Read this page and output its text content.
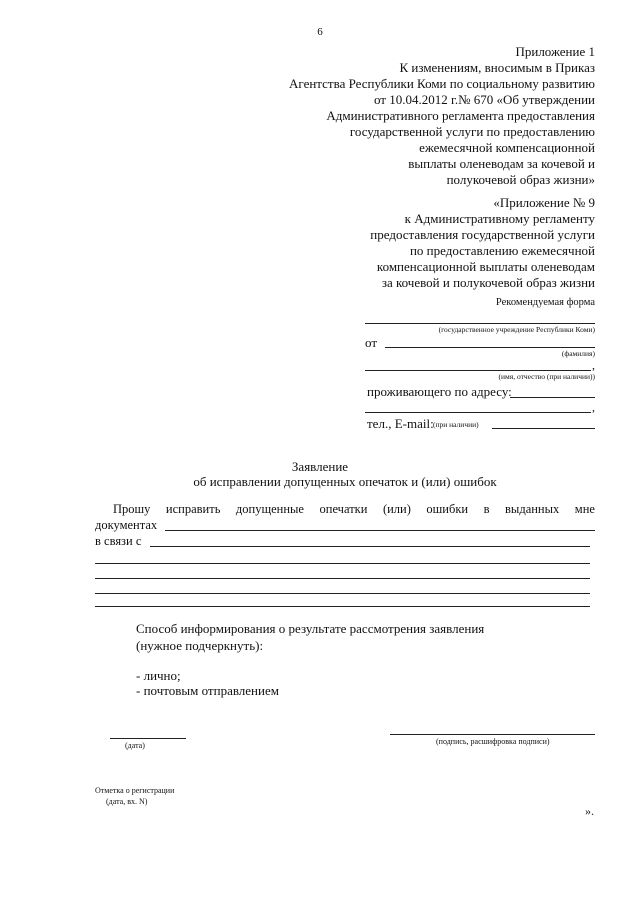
6
Приложение 1
К изменениям, вносимым в Приказ
Агентства Республики Коми по социальному развитию
от 10.04.2012 г.№ 670 «Об утверждении
Административного регламента предоставления
государственной услуги по предоставлению
ежемесячной компенсационной
выплаты оленеводам за кочевой и
полукочевой образ жизни»
«Приложение № 9
к Административному регламенту
предоставления государственной услуги
по предоставлению ежемесячной
компенсационной выплаты оленеводам
за кочевой и полукочевой образ жизни
Рекомендуемая форма
(государственное учреждение Республики Коми)
от
(фамилия)
,
(имя, отчество (при наличии))
проживающего по адресу:
,
тел., E-mail: (при наличии)
Заявление
об исправлении допущенных опечаток и (или) ошибок
Прошу исправить допущенные опечатки (или) ошибки в выданных мне
документах
в связи с
Способ информирования о результате рассмотрения заявления
(нужное подчеркнуть):
- лично;
- почтовым отправлением
(дата)	(подпись, расшифровка подписи)
Отметка о регистрации
(дата, вх. N)
».
